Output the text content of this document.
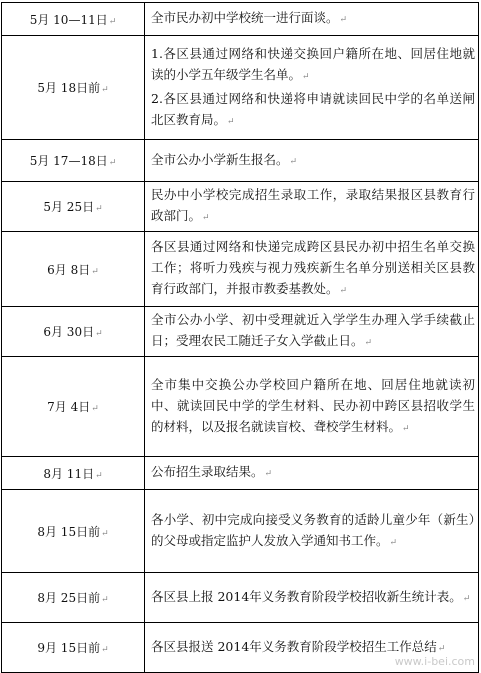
5月 10—11日↵	全市民办初中学校统一进行面谈。↵
5月 18日前↵	1.各区县通过网络和快递交换回户籍所在地、回居住地就读的小学五年级学生名单。↵
2.各区县通过网络和快递将申请就读回民中学的名单送闸北区教育局。↵

5月 17—18日↵	全市公办小学新生报名。↵
5月 25日↵	民办中小学校完成招生录取工作，录取结果报区县教育行政部门。↵
6月 8日↵	各区县通过网络和快递完成跨区县民办初中招生名单交换工作；将听力残疾与视力残疾新生名单分别送相关区县教育行政部门，并报市教委基教处。↵
6月 30日↵	全市公办小学、初中受理就近入学学生办理入学手续截止日；受理农民工随迁子女入学截止日。↵
7月 4日↵	全市集中交换公办学校回户籍所在地、回居住地就读初中、就读回民中学的学生材料、民办初中跨区县招收学生的材料，以及报名就读盲校、聋校学生材料。↵
8月 11日↵	公布招生录取结果。↵
8月 15日前↵	各小学、初中完成向接受义务教育的适龄儿童少年（新生）的父母或指定监护人发放入学通知书工作。↵
8月 25日前↵	各区县上报 2014年义务教育阶段学校招收新生统计表。↵
9月 15日前↵	各区县报送 2014年义务教育阶段学校招生工作总结↵
www.i-bei.com
